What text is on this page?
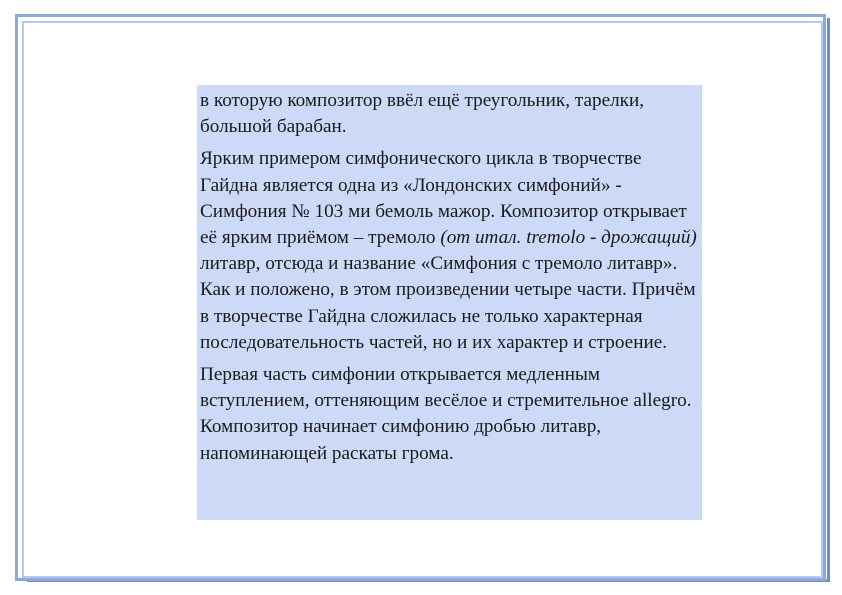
в которую композитор ввёл ещё треугольник, тарелки, большой барабан.

Ярким примером симфонического цикла в творчестве Гайдна является одна из «Лондонских симфоний» - Симфония № 103 ми бемоль мажор. Композитор открывает её ярким приёмом – тремоло (от итал. tremolo - дрожащий) литавр, отсюда и название «Симфония с тремоло литавр». Как и положено, в этом произведении четыре части. Причём в творчестве Гайдна сложилась не только характерная последовательность частей, но и их характер и строение.

Первая часть симфонии открывается медленным вступлением, оттеняющим весёлое и стремительное allegro. Композитор начинает симфонию дробью литавр, напоминающей раскаты грома.
